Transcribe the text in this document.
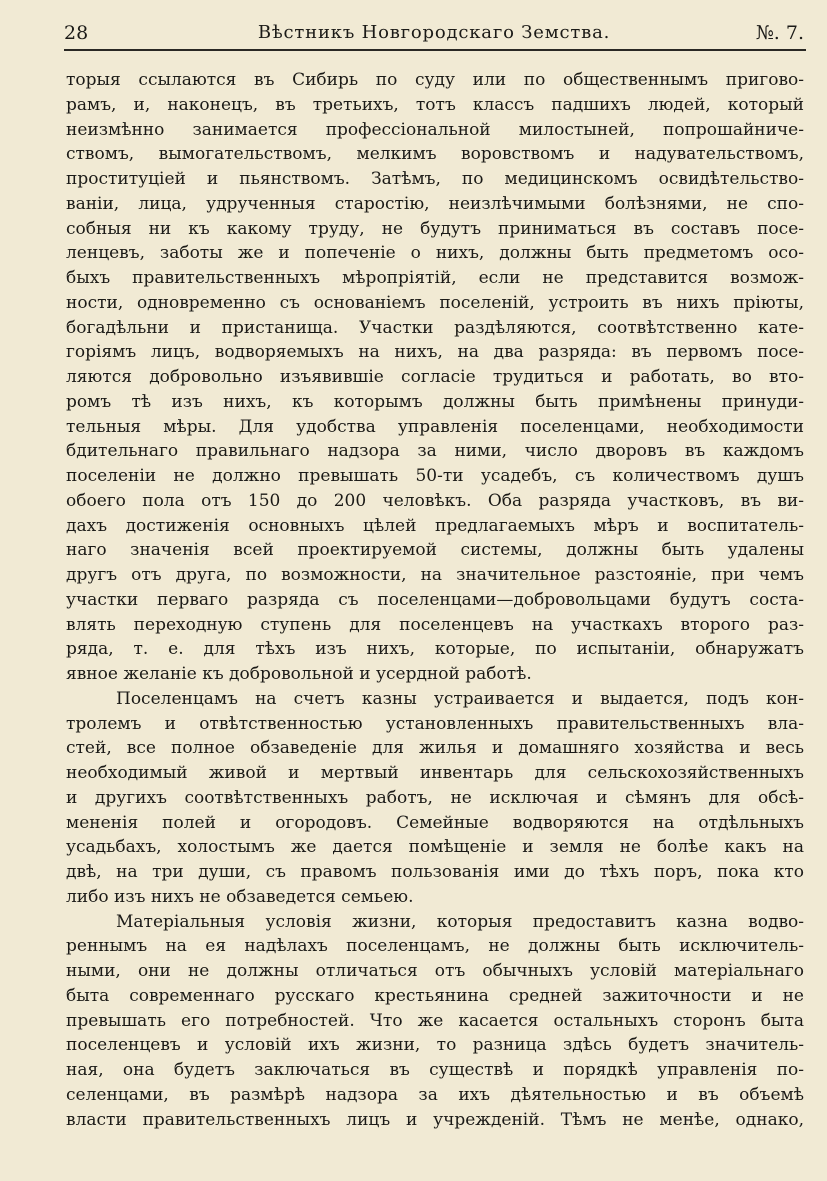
28	Вѣстникъ Новгородскаго Земства.	№. 7.
торыя ссылаются въ Сибирь по суду или по общественнымъ пригово-
рамъ, и, наконецъ, въ третьихъ, тотъ классъ падшихъ людей, который
неизмѣнно занимается профессіональной милостыней, попрошайниче-
ствомъ, вымогательствомъ, мелкимъ воровствомъ и надувательствомъ,
проституціей и пьянствомъ. Затѣмъ, по медицинскомъ освидѣтельство-
ваніи, лица, удрученныя старостію, неизлѣчимыми болѣзнями, не спо-
собныя ни къ какому труду, не будутъ приниматься въ составъ посе-
ленцевъ, заботы же и попеченіе о нихъ, должны быть предметомъ осо-
быхъ правительственныхъ мѣропріятій, если не представится возмож-
ности, одновременно съ основаніемъ поселеній, устроить въ нихъ пріюты,
богадѣльни и пристанища. Участки раздѣляются, соотвѣтственно кате-
горіямъ лицъ, водворяемыхъ на нихъ, на два разряда: въ первомъ посе-
ляются добровольно изъявившіе согласіе трудиться и работать, во вто-
ромъ тѣ изъ нихъ, къ которымъ должны быть примѣнены принуди-
тельныя мѣры. Для удобства управленія поселенцами, необходимости
бдительнаго правильнаго надзора за ними, число дворовъ въ каждомъ
поселеніи не должно превышать 50-ти усадебъ, съ количествомъ душъ
обоего пола отъ 150 до 200 человѣкъ. Оба разряда участковъ, въ ви-
дахъ достиженія основныхъ цѣлей предлагаемыхъ мѣръ и воспитатель-
наго значенія всей проектируемой системы, должны быть удалены
другъ отъ друга, по возможности, на значительное разстояніе, при чемъ
участки перваго разряда съ поселенцами—добровольцами будутъ соста-
влять переходную ступень для поселенцевъ на участкахъ второго раз-
ряда, т. е. для тѣхъ изъ нихъ, которые, по испытаніи, обнаружатъ
явное желаніе къ добровольной и усердной работѣ.
Поселенцамъ на счетъ казны устраивается и выдается, подъ кон-
тролемъ и отвѣтственностью установленныхъ правительственныхъ вла-
стей, все полное обзаведеніе для жилья и домашняго хозяйства и весь
необходимый живой и мертвый инвентарь для сельскохозяйственныхъ
и другихъ соотвѣтственныхъ работъ, не исключая и сѣмянъ для обсѣ-
мененія полей и огородовъ. Семейные водворяются на отдѣльныхъ
усадьбахъ, холостымъ же дается помѣщеніе и земля не болѣе какъ на
двѣ, на три души, съ правомъ пользованія ими до тѣхъ поръ, пока кто
либо изъ нихъ не обзаведется семьею.
Матеріальныя условія жизни, которыя предоставитъ казна водво-
реннымъ на ея надѣлахъ поселенцамъ, не должны быть исключитель-
ными, они не должны отличаться отъ обычныхъ условій матеріальнаго
быта современнаго русскаго крестьянина средней зажиточности и не
превышать его потребностей. Что же касается остальныхъ сторонъ быта
поселенцевъ и условій ихъ жизни, то разница здѣсь будетъ значитель-
ная, она будетъ заключаться въ существѣ и порядкѣ управленія по-
селенцами, въ размѣрѣ надзора за ихъ дѣятельностью и въ объемѣ
власти правительственныхъ лицъ и учрежденій. Тѣмъ не менѣе, однако,
